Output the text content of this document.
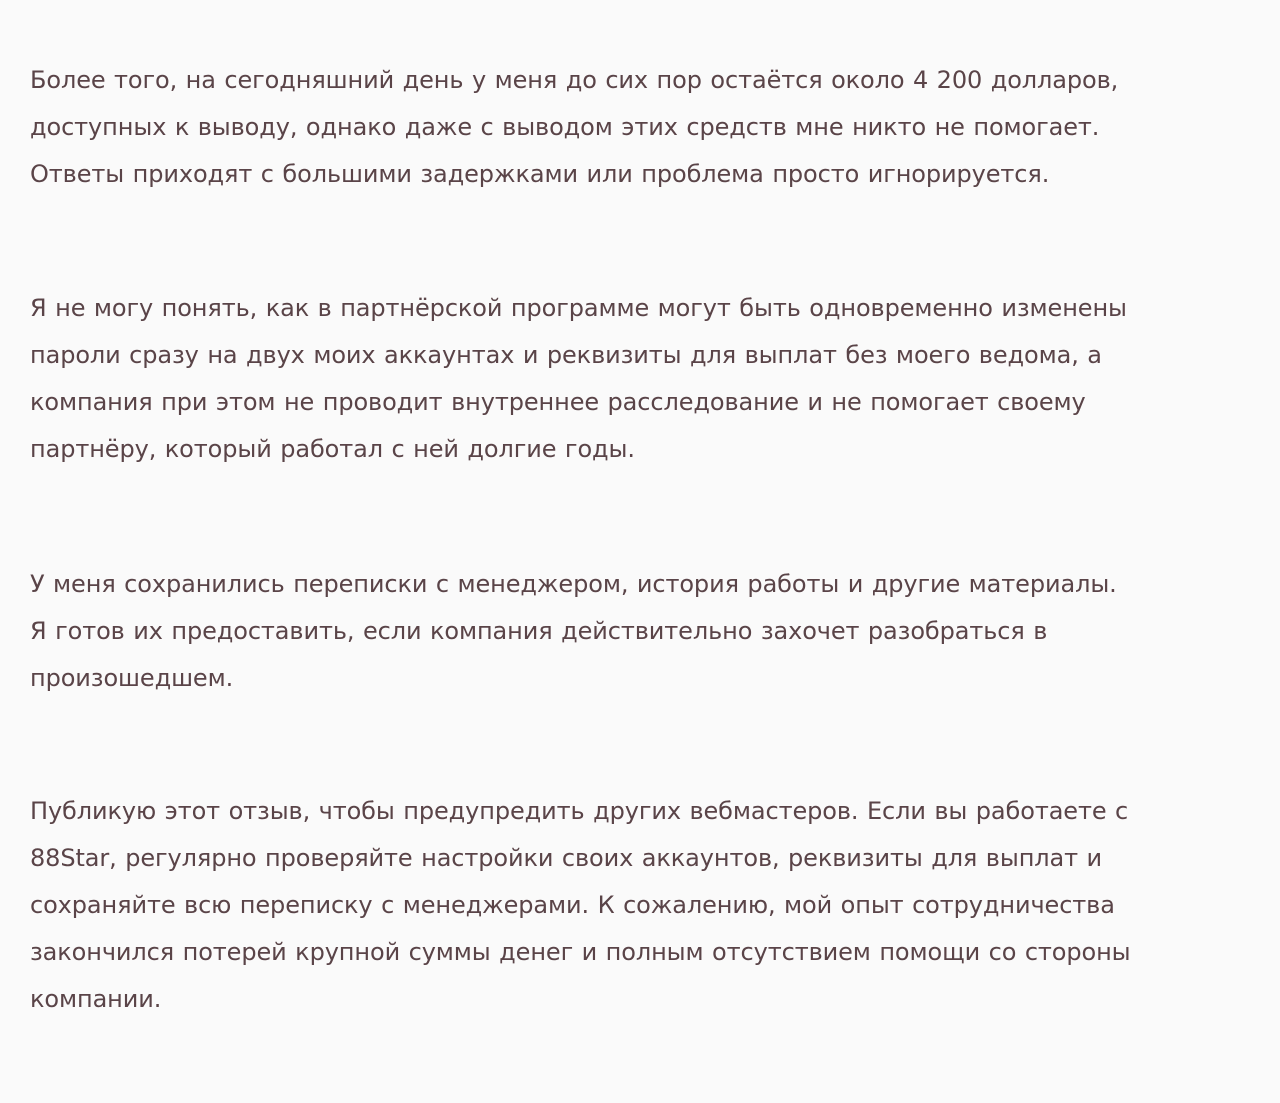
Более того, на сегодняшний день у меня до сих пор остаётся около 4 200 долларов,
доступных к выводу, однако даже с выводом этих средств мне никто не помогает.
Ответы приходят с большими задержками или проблема просто игнорируется.

Я не могу понять, как в партнёрской программе могут быть одновременно изменены
пароли сразу на двух моих аккаунтах и реквизиты для выплат без моего ведома, а
компания при этом не проводит внутреннее расследование и не помогает своему
партнёру, который работал с ней долгие годы.

У меня сохранились переписки с менеджером, история работы и другие материалы.
Я готов их предоставить, если компания действительно захочет разобраться в
произошедшем.

Публикую этот отзыв, чтобы предупредить других вебмастеров. Если вы работаете с
88Star, регулярно проверяйте настройки своих аккаунтов, реквизиты для выплат и
сохраняйте всю переписку с менеджерами. К сожалению, мой опыт сотрудничества
закончился потерей крупной суммы денег и полным отсутствием помощи со стороны
компании.
